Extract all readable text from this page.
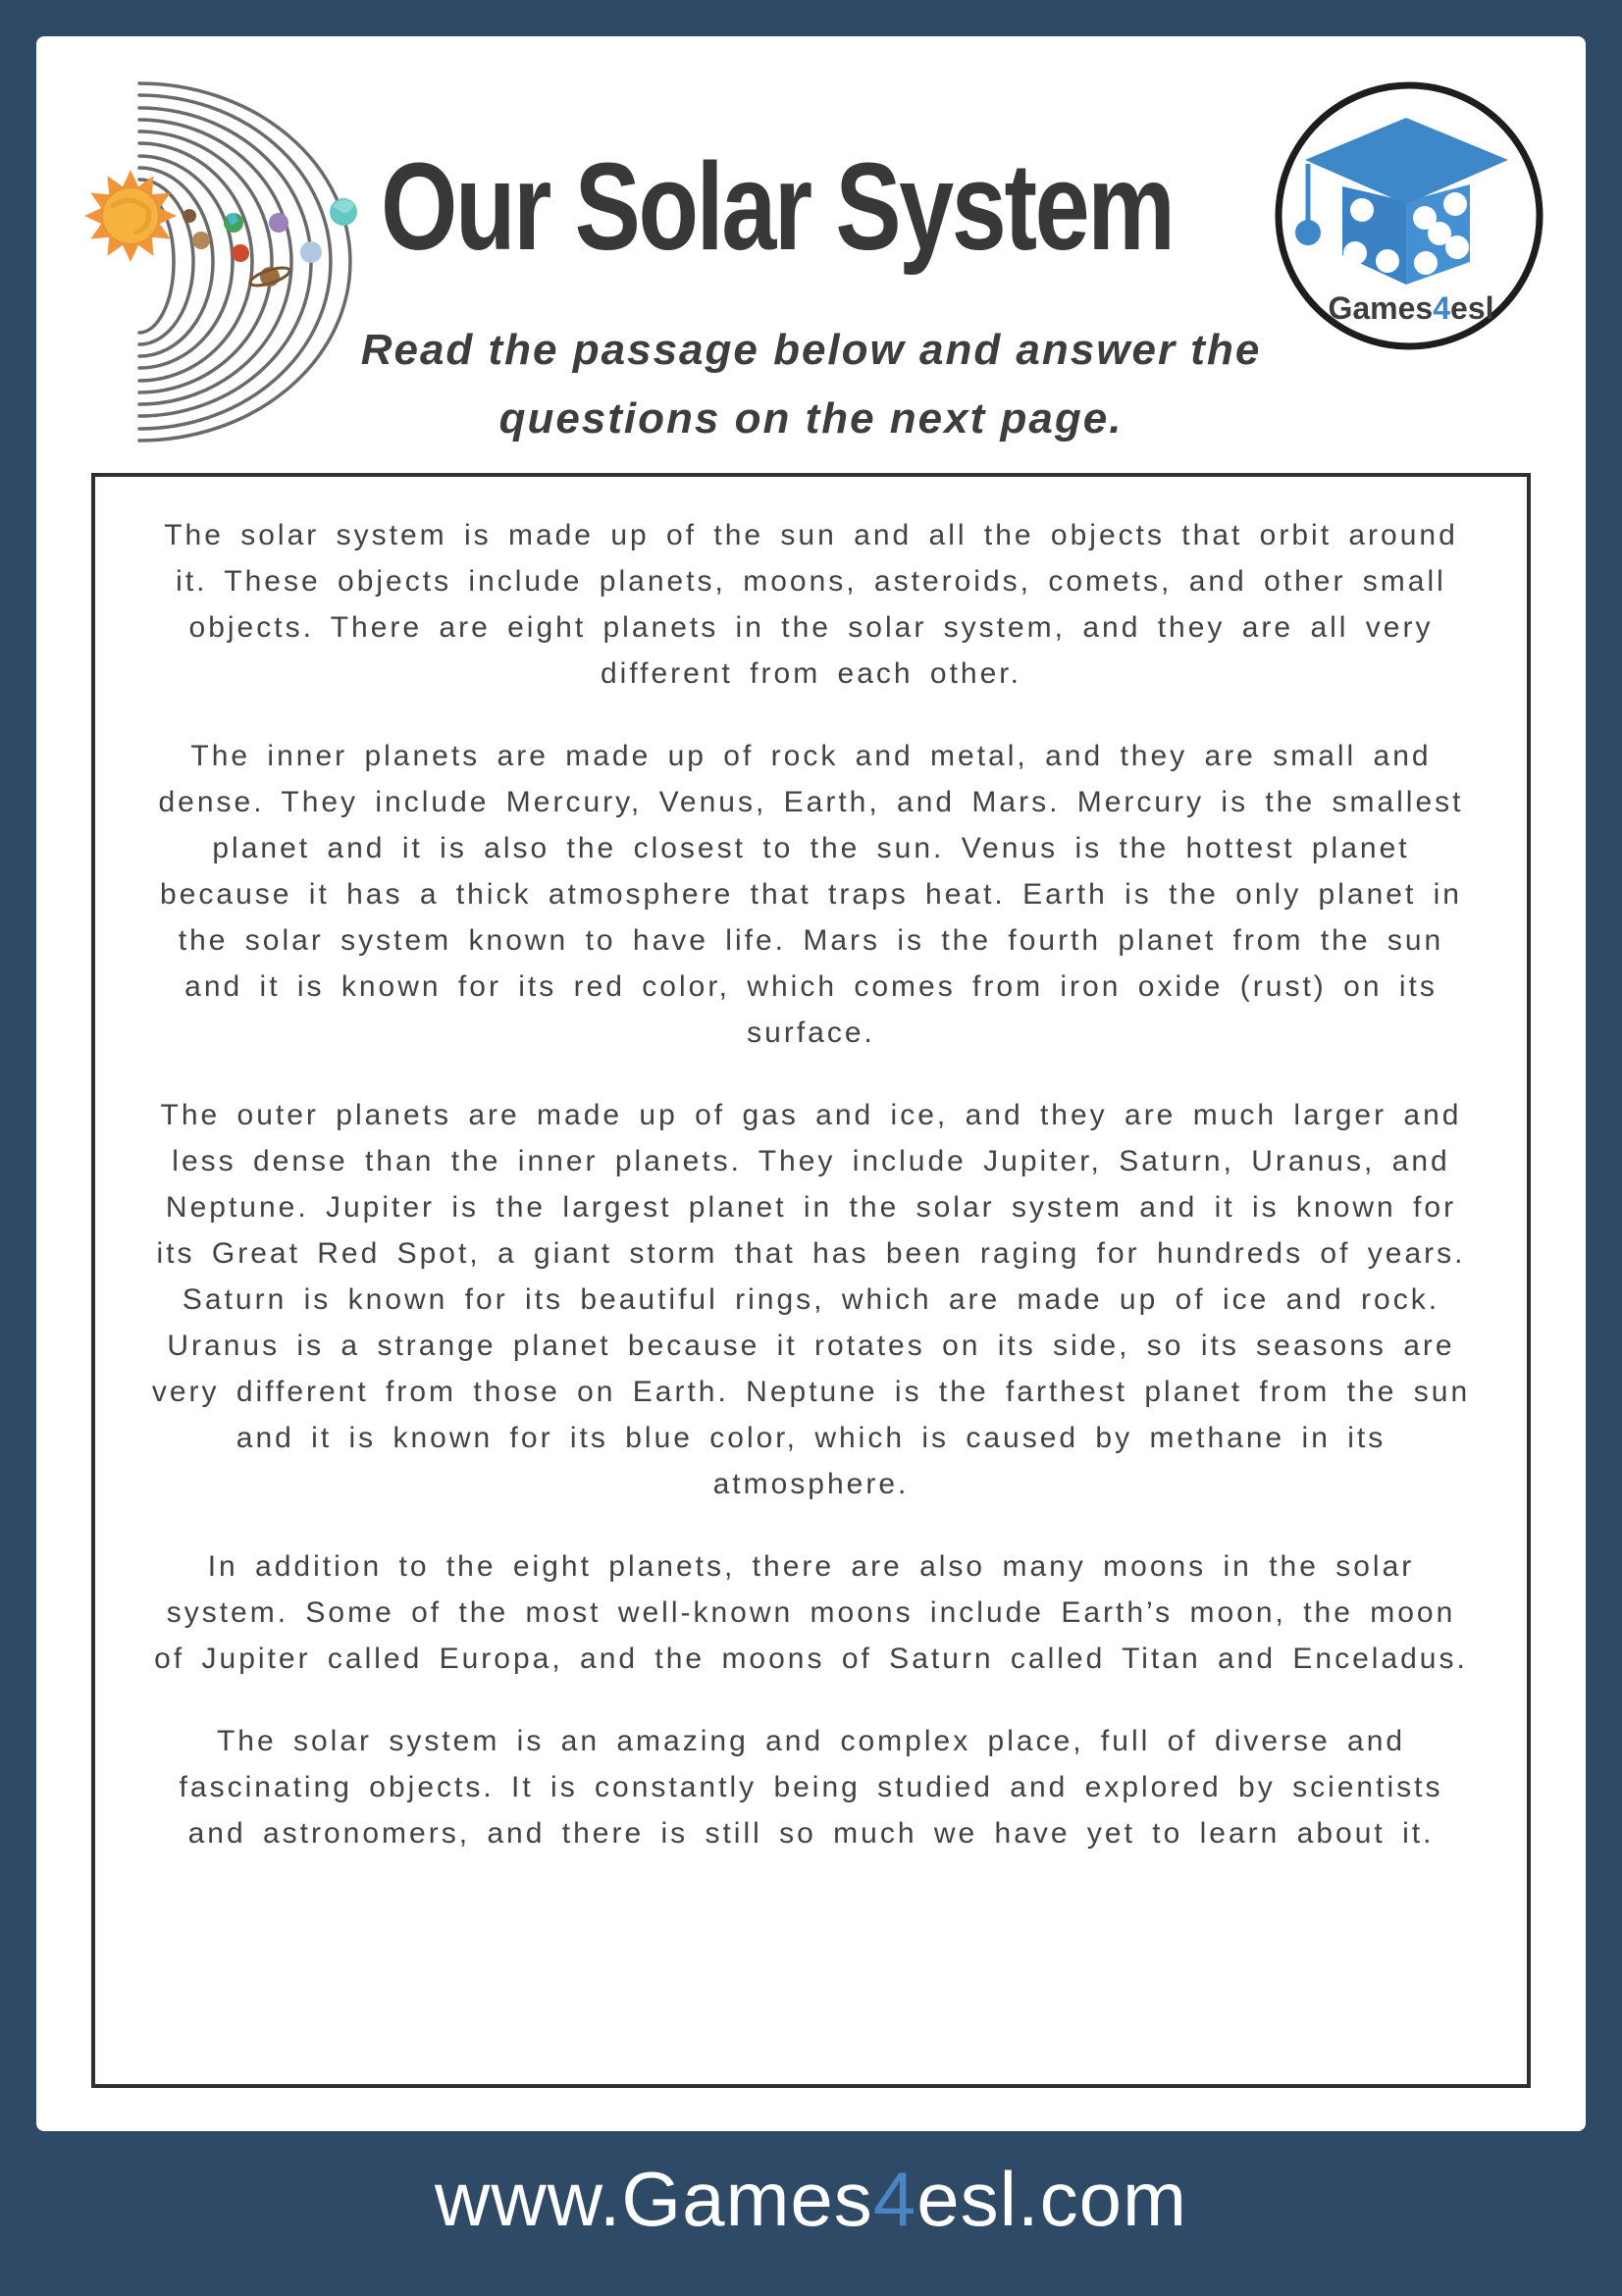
Our Solar System
Games4esl
Read the passage below and answer the questions on the next page.

The solar system is made up of the sun and all the objects that orbit around it. These objects include planets, moons, asteroids, comets, and other small objects. There are eight planets in the solar system, and they are all very different from each other.

The inner planets are made up of rock and metal, and they are small and dense. They include Mercury, Venus, Earth, and Mars. Mercury is the smallest planet and it is also the closest to the sun. Venus is the hottest planet because it has a thick atmosphere that traps heat. Earth is the only planet in the solar system known to have life. Mars is the fourth planet from the sun and it is known for its red color, which comes from iron oxide (rust) on its surface.

The outer planets are made up of gas and ice, and they are much larger and less dense than the inner planets. They include Jupiter, Saturn, Uranus, and Neptune. Jupiter is the largest planet in the solar system and it is known for its Great Red Spot, a giant storm that has been raging for hundreds of years. Saturn is known for its beautiful rings, which are made up of ice and rock. Uranus is a strange planet because it rotates on its side, so its seasons are very different from those on Earth. Neptune is the farthest planet from the sun and it is known for its blue color, which is caused by methane in its atmosphere.

In addition to the eight planets, there are also many moons in the solar system. Some of the most well-known moons include Earth’s moon, the moon of Jupiter called Europa, and the moons of Saturn called Titan and Enceladus.

The solar system is an amazing and complex place, full of diverse and fascinating objects. It is constantly being studied and explored by scientists and astronomers, and there is still so much we have yet to learn about it.

www.Games4esl.com
